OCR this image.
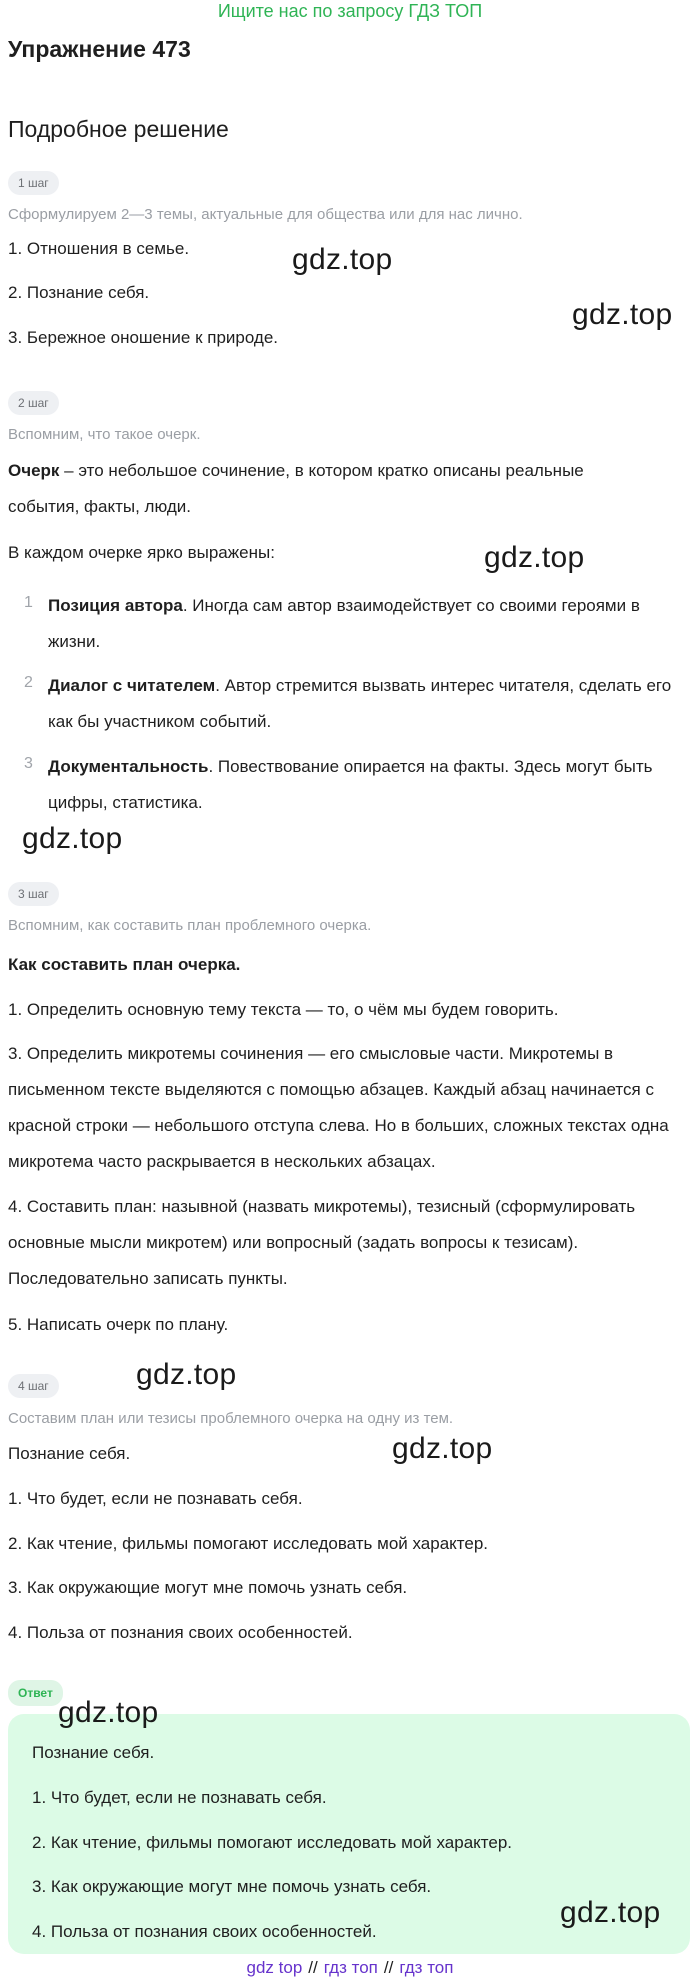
Ищите нас по запросу ГДЗ ТОП

Упражнение 473
Подробное решение
1 шаг

Сформулируем 2—3 темы, актуальные для общества или для нас лично.

1. Отношения в семье.

2. Познание себя.

3. Бережное оношение к природе.

2 шаг

Вспомним, что такое очерк.

Очерк – это небольшое сочинение, в котором кратко описаны реальные события, факты, люди.

В каждом очерке ярко выражены:

1 Позиция автора. Иногда сам автор взаимодействует со своими героями в жизни.

2 Диалог с читателем. Автор стремится вызвать интерес читателя, сделать его как бы участником событий.

3 Документальность. Повествование опирается на факты. Здесь могут быть цифры, статистика.

3 шаг

Вспомним, как составить план проблемного очерка.

Как составить план очерка.

1. Определить основную тему текста — то, о чём мы будем говорить.

3. Определить микротемы сочинения — его смысловые части. Микротемы в письменном тексте выделяются с помощью абзацев. Каждый абзац начинается с красной строки — небольшого отступа слева. Но в больших, сложных текстах одна микротема часто раскрывается в нескольких абзацах.

4. Составить план: назывной (назвать микротемы), тезисный (сформулировать основные мысли микротем) или вопросный (задать вопросы к тезисам). Последовательно записать пункты.

5. Написать очерк по плану.

4 шаг

Составим план или тезисы проблемного очерка на одну из тем.

Познание себя.

1. Что будет, если не познавать себя.

2. Как чтение, фильмы помогают исследовать мой характер.

3. Как окружающие могут мне помочь узнать себя.

4. Польза от познания своих особенностей.

Ответ

Познание себя.

1. Что будет, если не познавать себя.

2. Как чтение, фильмы помогают исследовать мой характер.

3. Как окружающие могут мне помочь узнать себя.

4. Польза от познания своих особенностей.

gdz.top
gdz.top
gdz.top
gdz.top
gdz.top
gdz.top
gdz.top
gdz.top
gdz top // гдз топ // гдз топ
